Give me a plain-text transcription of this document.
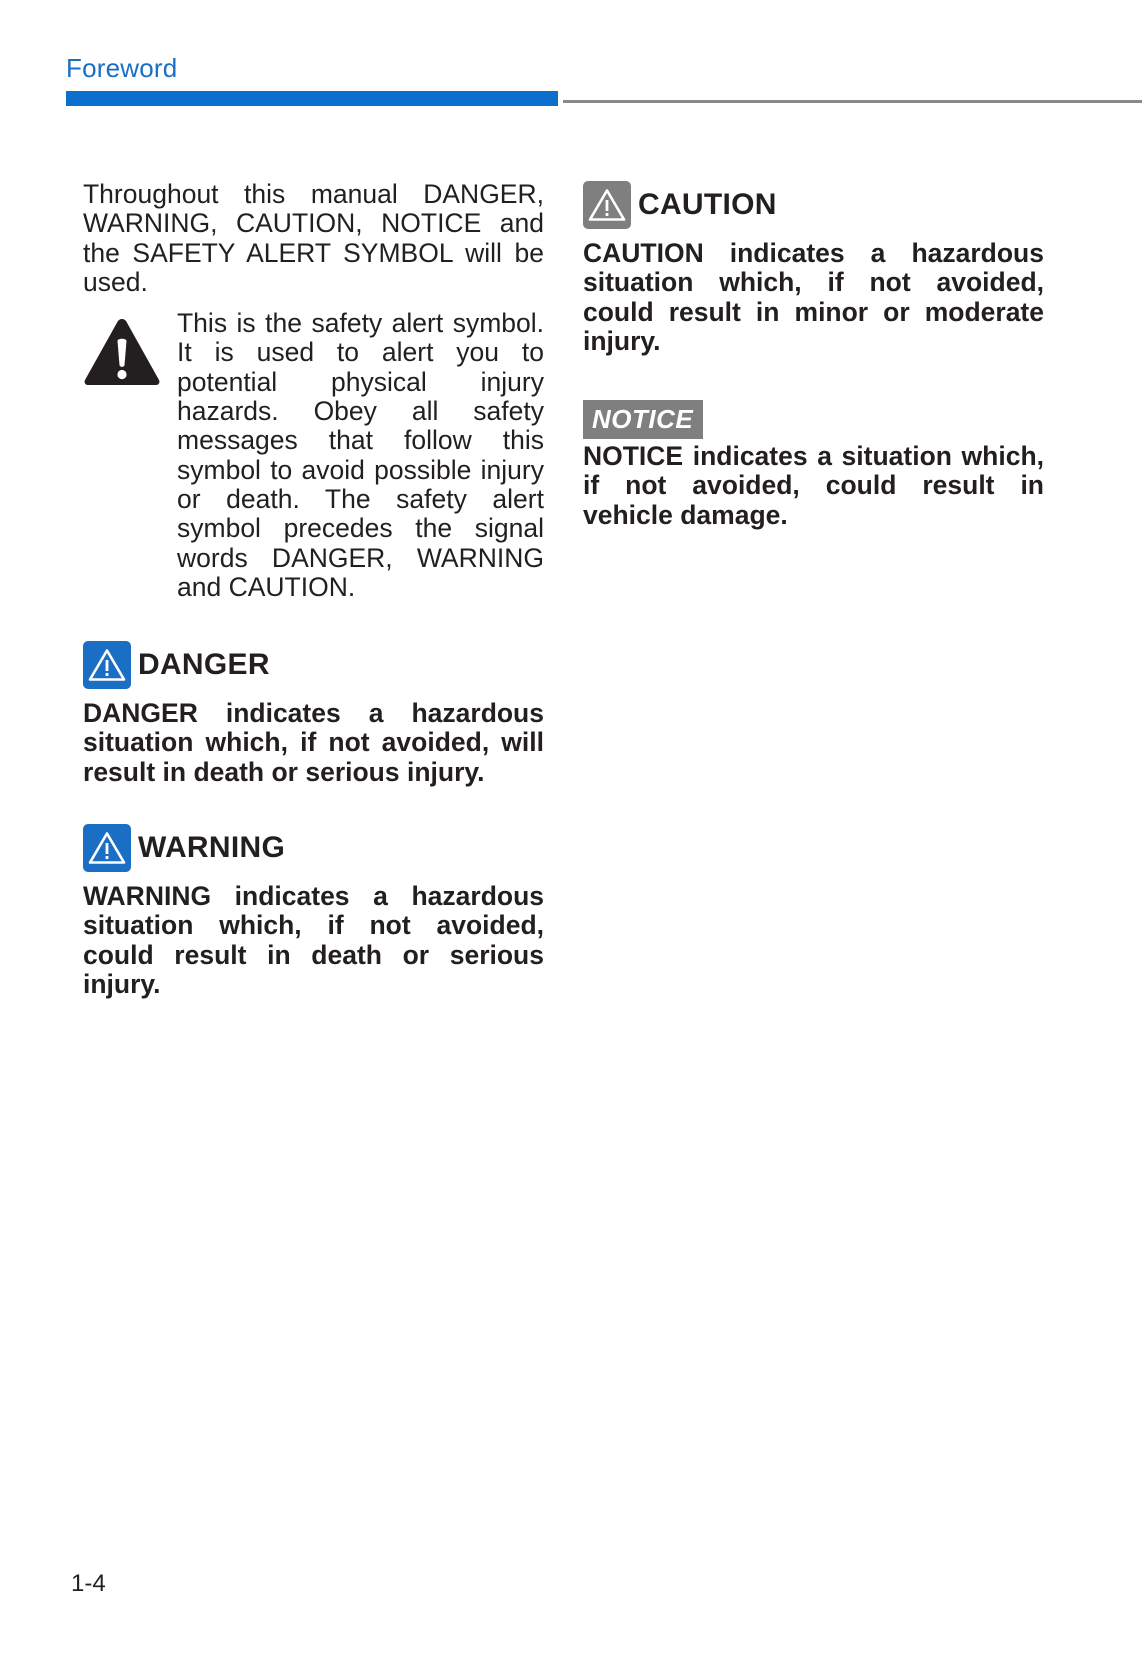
Foreword

Throughout this manual DANGER, WARNING, CAUTION, NOTICE and the SAFETY ALERT SYMBOL will be used.

This is the safety alert symbol. It is used to alert you to potential physical injury hazards. Obey all safety messages that follow this symbol to avoid possible injury or death. The safety alert symbol precedes the signal words DANGER, WARNING and CAUTION.
DANGER
DANGER indicates a hazardous situation which, if not avoided, will result in death or serious injury.
WARNING
WARNING indicates a hazardous situation which, if not avoided, could result in death or serious injury.
CAUTION
CAUTION indicates a hazardous situation which, if not avoided, could result in minor or moderate injury.
NOTICE
NOTICE indicates a situation which, if not avoided, could result in vehicle damage.
1-4
